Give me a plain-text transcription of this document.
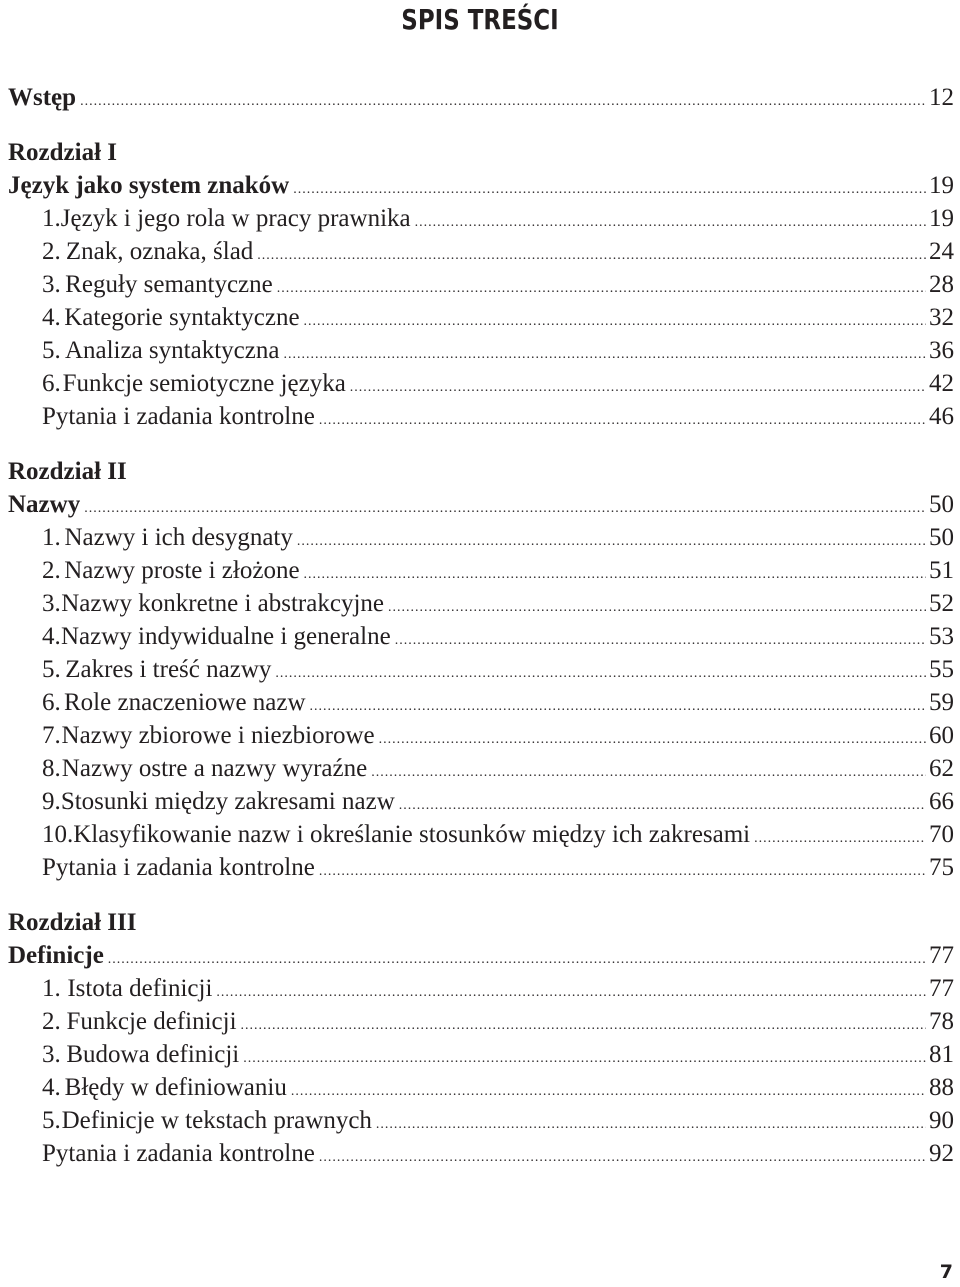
SPIS TREŚCI
Wstęp .....	12
Rozdział I
Język jako system znaków .....	19
1. Język i jego rola w pracy prawnika .....	19
2. Znak, oznaka, ślad .....	24
3. Reguły semantyczne .....	28
4. Kategorie syntaktyczne .....	32
5. Analiza syntaktyczna .....	36
6. Funkcje semiotyczne języka .....	42
Pytania i zadania kontrolne .....	46
Rozdział II
Nazwy .....	50
1. Nazwy i ich desygnaty .....	50
2. Nazwy proste i złożone .....	51
3. Nazwy konkretne i abstrakcyjne .....	52
4. Nazwy indywidualne i generalne .....	53
5. Zakres i treść nazwy .....	55
6. Role znaczeniowe nazw .....	59
7. Nazwy zbiorowe i niezbiorowe .....	60
8. Nazwy ostre a nazwy wyraźne .....	62
9. Stosunki między zakresami nazw .....	66
10. Klasyfikowanie nazw i określanie stosunków między ich zakresami .....	70
Pytania i zadania kontrolne .....	75
Rozdział III
Definicje .....	77
1. Istota definicji .....	77
2. Funkcje definicji .....	78
3. Budowa definicji .....	81
4. Błędy w definiowaniu .....	88
5. Definicje w tekstach prawnych .....	90
Pytania i zadania kontrolne .....	92
7
